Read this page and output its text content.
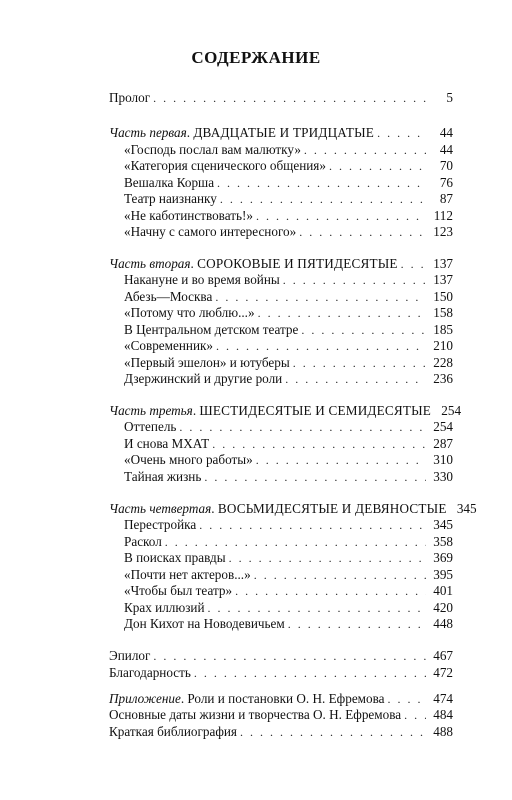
СОДЕРЖАНИЕ
Пролог . . .	5
Часть первая. ДВАДЦАТЫЕ И ТРИДЦАТЫЕ . . .	44
«Господь послал вам малютку» . . .	44
«Категория сценического общения» . . .	70
Вешалка Корша . . .	76
Театр наизнанку . . .	87
«Не каботинствовать!» . . .	112
«Начну с самого интересного» . . .	123
Часть вторая. СОРОКОВЫЕ И ПЯТИДЕСЯТЫЕ . . .	137
Накануне и во время войны . . .	137
Абезь—Москва . . .	150
«Потому что люблю...» . . .	158
В Центральном детском театре . . .	185
«Современник» . . .	210
«Первый эшелон» и ютуберы . . .	228
Дзержинский и другие роли . . .	236
Часть третья. ШЕСТИДЕСЯТЫЕ И СЕМИДЕСЯТЫЕ 254
Оттепель . . .	254
И снова МХАТ . . .	287
«Очень много работы» . . .	310
Тайная жизнь . . .	330
Часть четвертая. ВОСЬМИДЕСЯТЫЕ И ДЕВЯНОСТЫЕ 345
Перестройка . . .	345
Раскол . . .	358
В поисках правды . . .	369
«Почти нет актеров...» . . .	395
«Чтобы был театр» . . .	401
Крах иллюзий . . .	420
Дон Кихот на Новодевичьем . . .	448
Эпилог . . .	467
Благодарность . . .	472
Приложение. Роли и постановки О. Н. Ефремова . . .	474
Основные даты жизни и творчества О. Н. Ефремова . . .	484
Краткая библиография . . .	488
